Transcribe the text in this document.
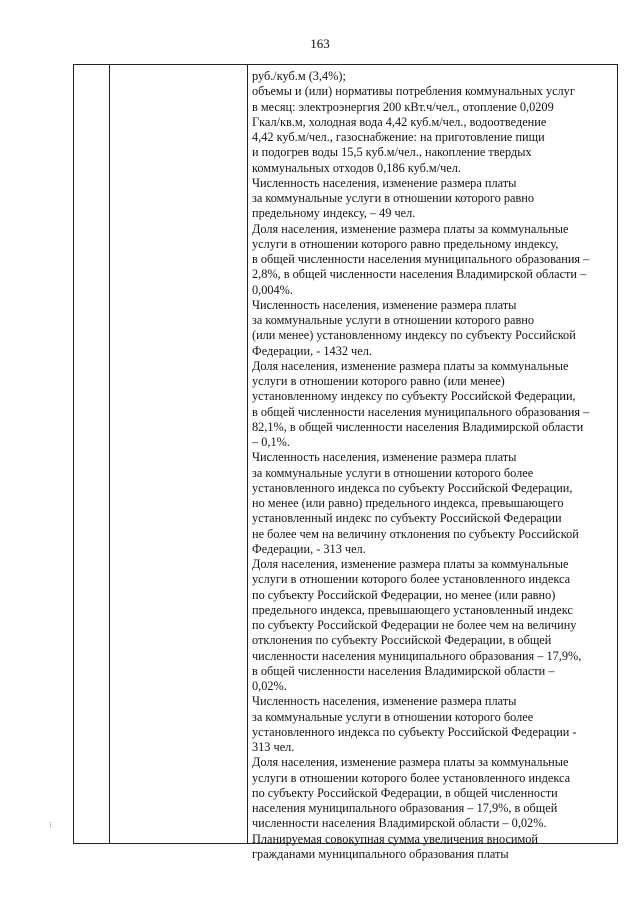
163
руб./куб.м (3,4%);
объемы и (или) нормативы потребления коммунальных услуг
в месяц: электроэнергия 200 кВт.ч/чел., отопление 0,0209
Гкал/кв.м, холодная вода 4,42 куб.м/чел., водоотведение
4,42 куб.м/чел., газоснабжение: на приготовление пищи
и подогрев воды 15,5 куб.м/чел., накопление твердых
коммунальных отходов 0,186 куб.м/чел.
Численность населения, изменение размера платы
за коммунальные услуги в отношении которого равно
предельному индексу, – 49 чел.
Доля населения, изменение размера платы за коммунальные
услуги в отношении которого равно предельному индексу,
в общей численности населения муниципального образования –
2,8%, в общей численности населения Владимирской области –
0,004%.
Численность населения, изменение размера платы
за коммунальные услуги в отношении которого равно
(или менее) установленному индексу по субъекту Российской
Федерации, - 1432 чел.
Доля населения, изменение размера платы за коммунальные
услуги в отношении которого равно (или менее)
установленному индексу по субъекту Российской Федерации,
в общей численности населения муниципального образования –
82,1%, в общей численности населения Владимирской области
– 0,1%.
Численность населения, изменение размера платы
за коммунальные услуги в отношении которого более
установленного индекса по субъекту Российской Федерации,
но менее (или равно) предельного индекса, превышающего
установленный индекс по субъекту Российской Федерации
не более чем на величину отклонения по субъекту Российской
Федерации, - 313 чел.
Доля населения, изменение размера платы за коммунальные
услуги в отношении которого более установленного индекса
по субъекту Российской Федерации, но менее (или равно)
предельного индекса, превышающего установленный индекс
по субъекту Российской Федерации не более чем на величину
отклонения по субъекту Российской Федерации, в общей
численности населения муниципального образования – 17,9%,
в общей численности населения Владимирской области –
0,02%.
Численность населения, изменение размера платы
за коммунальные услуги в отношении которого более
установленного индекса по субъекту Российской Федерации -
313 чел.
Доля населения, изменение размера платы за коммунальные
услуги в отношении которого более установленного индекса
по субъекту Российской Федерации, в общей численности
населения муниципального образования – 17,9%, в общей
численности населения Владимирской области – 0,02%.
Планируемая совокупная сумма увеличения вносимой
гражданами муниципального образования платы
⁝
